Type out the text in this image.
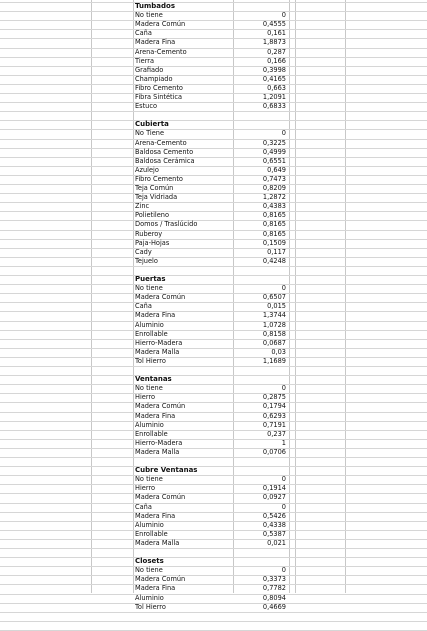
Tumbados
No tiene	0
Madera Común	0,4555
Caña	0,161
Madera Fina	1,8873
Arena-Cemento	0,287
Tierra	0,166
Grafiado	0,3998
Champiado	0,4165
Fibro Cemento	0,663
Fibra Sintética	1,2091
Estuco	0,6833
Cubierta
No Tiene	0
Arena-Cemento	0,3225
Baldosa Cemento	0,4999
Baldosa Cerámica	0,6551
Azulejo	0,649
Fibro Cemento	0,7473
Teja Común	0,8209
Teja Vidriada	1,2872
Zinc	0,4383
Polietileno	0,8165
Domos / Traslúcido	0,8165
Ruberoy	0,8165
Paja-Hojas	0,1509
Cady	0,117
Tejuelo	0,4248
Puertas
No tiene	0
Madera Común	0,6507
Caña	0,015
Madera Fina	1,3744
Aluminio	1,0728
Enrollable	0,8158
Hierro-Madera	0,0687
Madera Malla	0,03
Tol Hierro	1,1689
Ventanas
No tiene	0
Hierro	0,2875
Madera Común	0,1794
Madera Fina	0,6293
Aluminio	0,7191
Enrollable	0,237
Hierro-Madera	1
Madera Malla	0,0706
Cubre Ventanas
No tiene	0
Hierro	0,1914
Madera Común	0,0927
Caña	0
Madera Fina	0,5426
Aluminio	0,4338
Enrollable	0,5387
Madera Malla	0,021
Closets
No tiene	0
Madera Común	0,3373
Madera Fina	0,7782
Aluminio	0,8094
Tol Hierro	0,4669
